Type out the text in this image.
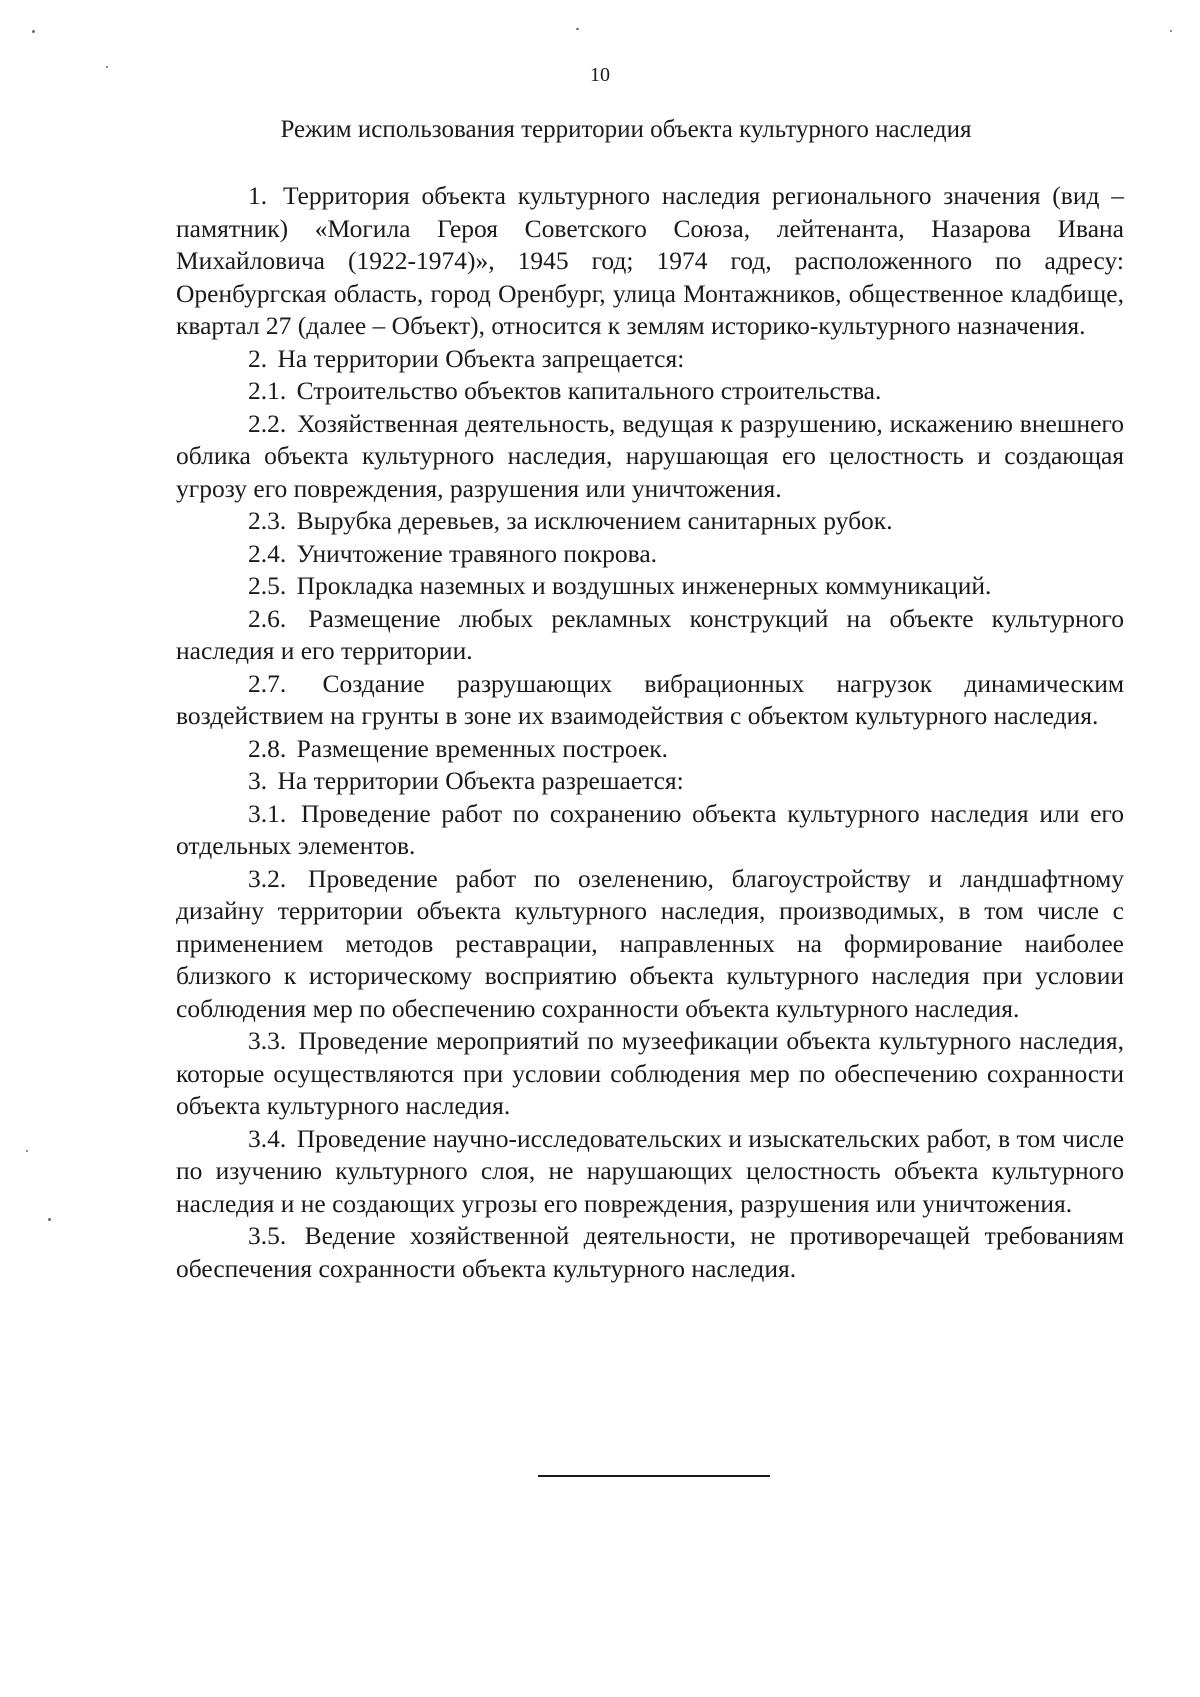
10
Режим использования территории объекта культурного наследия

1. Территория объекта культурного наследия регионального значения (вид – памятник) «Могила Героя Советского Союза, лейтенанта, Назарова Ивана Михайловича (1922-1974)», 1945 год; 1974 год, расположенного по адресу: Оренбургская область, город Оренбург, улица Монтажников, общественное кладбище, квартал 27 (далее – Объект), относится к землям историко-культурного назначения.

2. На территории Объекта запрещается:

2.1. Строительство объектов капитального строительства.

2.2. Хозяйственная деятельность, ведущая к разрушению, искажению внешнего облика объекта культурного наследия, нарушающая его целостность и создающая угрозу его повреждения, разрушения или уничтожения.

2.3. Вырубка деревьев, за исключением санитарных рубок.

2.4. Уничтожение травяного покрова.

2.5. Прокладка наземных и воздушных инженерных коммуникаций.

2.6. Размещение любых рекламных конструкций на объекте культурного наследия и его территории.

2.7. Создание разрушающих вибрационных нагрузок динамическим воздействием на грунты в зоне их взаимодействия с объектом культурного наследия.

2.8. Размещение временных построек.

3. На территории Объекта разрешается:

3.1. Проведение работ по сохранению объекта культурного наследия или его отдельных элементов.

3.2. Проведение работ по озеленению, благоустройству и ландшафтному дизайну территории объекта культурного наследия, производимых, в том числе с применением методов реставрации, направленных на формирование наиболее близкого к историческому восприятию объекта культурного наследия при условии соблюдения мер по обеспечению сохранности объекта культурного наследия.

3.3. Проведение мероприятий по музеефикации объекта культурного наследия, которые осуществляются при условии соблюдения мер по обеспечению сохранности объекта культурного наследия.

3.4. Проведение научно-исследовательских и изыскательских работ, в том числе по изучению культурного слоя, не нарушающих целостность объекта культурного наследия и не создающих угрозы его повреждения, разрушения или уничтожения.

3.5. Ведение хозяйственной деятельности, не противоречащей требованиям обеспечения сохранности объекта культурного наследия.
